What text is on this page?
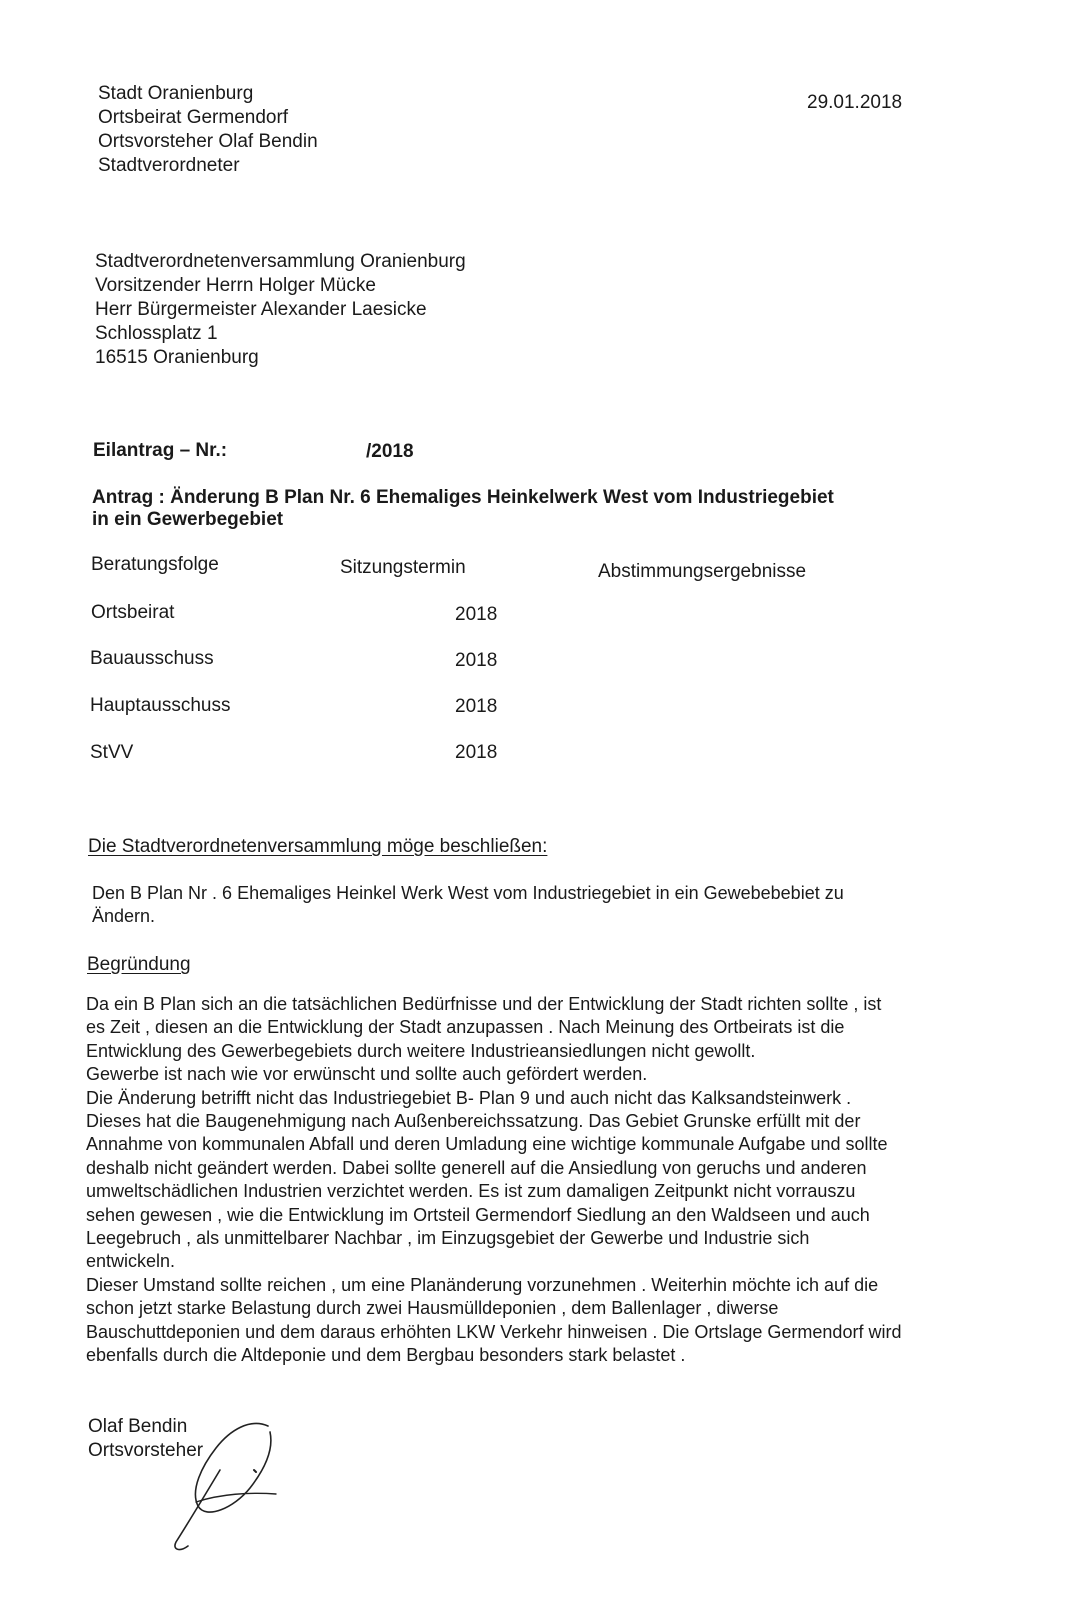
Stadt Oranienburg
Ortsbeirat Germendorf
Ortsvorsteher Olaf Bendin
Stadtverordneter
29.01.2018
Stadtverordnetenversammlung Oranienburg
Vorsitzender Herrn Holger Mücke
Herr Bürgermeister Alexander Laesicke
Schlossplatz 1
16515 Oranienburg
Eilantrag – Nr.:	/2018
Antrag : Änderung B Plan Nr. 6 Ehemaliges Heinkelwerk West vom Industriegebiet
in ein Gewerbegebiet
Beratungsfolge	Sitzungstermin	Abstimmungsergebnisse
Ortsbeirat	2018
Bauausschuss	2018
Hauptausschuss	2018
StVV	2018
Die Stadtverordnetenversammlung möge beschließen:
Den B Plan Nr . 6 Ehemaliges Heinkel Werk West vom Industriegebiet in ein Gewebebebiet zu
Ändern.
Begründung
Da ein B Plan sich an die tatsächlichen Bedürfnisse und der Entwicklung der Stadt richten sollte , ist
es Zeit , diesen an die Entwicklung der Stadt anzupassen . Nach Meinung des Ortbeirats ist die
Entwicklung des Gewerbegebiets durch weitere Industrieansiedlungen nicht gewollt.
Gewerbe ist nach wie vor erwünscht und sollte auch gefördert werden.
Die Änderung betrifft nicht das Industriegebiet B- Plan 9 und auch nicht das Kalksandsteinwerk .
Dieses hat die Baugenehmigung nach Außenbereichssatzung. Das Gebiet Grunske erfüllt mit der
Annahme von kommunalen Abfall und deren Umladung eine wichtige kommunale Aufgabe und sollte
deshalb nicht geändert werden. Dabei sollte generell auf die Ansiedlung von geruchs und anderen
umweltschädlichen Industrien verzichtet werden. Es ist zum damaligen Zeitpunkt nicht vorrauszu
sehen gewesen , wie die Entwicklung im Ortsteil Germendorf Siedlung an den Waldseen und auch
Leegebruch , als unmittelbarer Nachbar , im Einzugsgebiet der Gewerbe und Industrie sich
entwickeln.
Dieser Umstand sollte reichen , um eine Planänderung vorzunehmen . Weiterhin möchte ich auf die
schon jetzt starke Belastung durch zwei Hausmülldeponien , dem Ballenlager , diwerse
Bauschuttdeponien und dem daraus erhöhten LKW Verkehr hinweisen . Die Ortslage Germendorf wird
ebenfalls durch die Altdeponie und dem Bergbau besonders stark belastet .
Olaf Bendin
Ortsvorsteher
